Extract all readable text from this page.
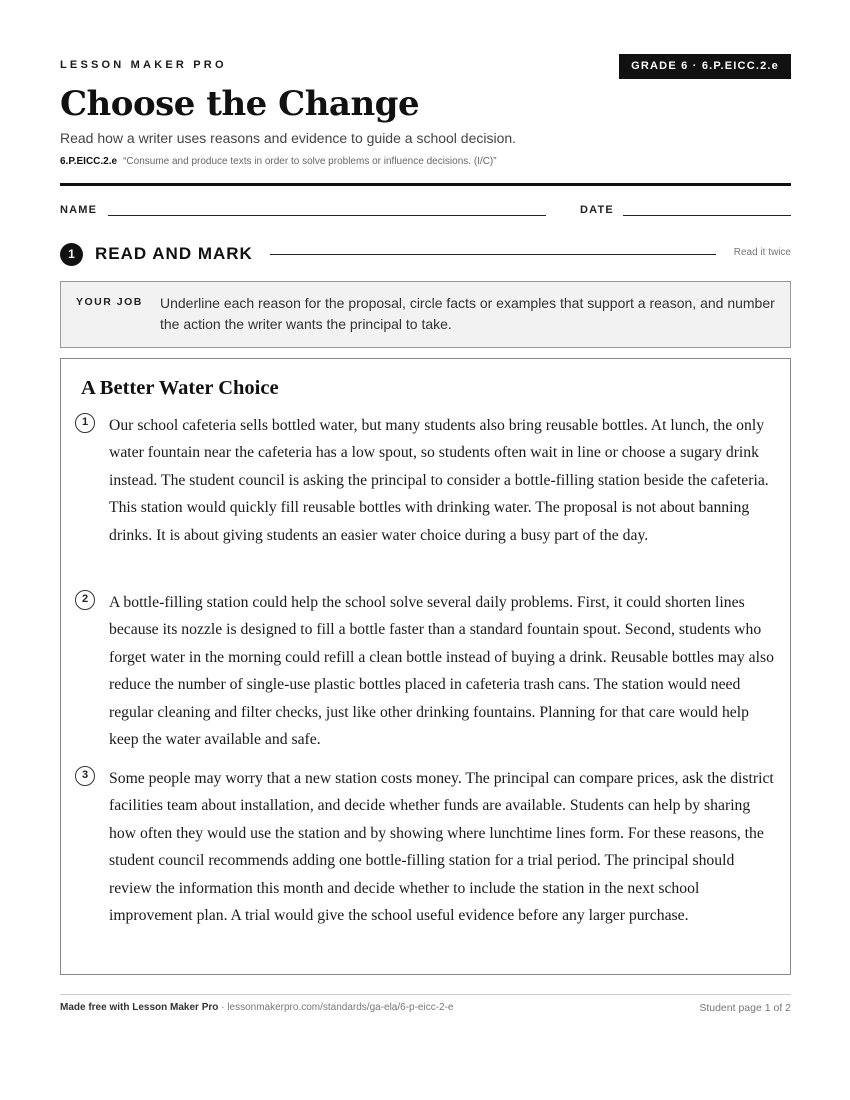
LESSON MAKER PRO	GRADE 6 · 6.P.EICC.2.e
Choose the Change
Read how a writer uses reasons and evidence to guide a school decision.
6.P.EICC.2.e “Consume and produce texts in order to solve problems or influence decisions. (I/C)”
NAME	DATE
1	READ AND MARK	Read it twice
YOUR JOB Underline each reason for the proposal, circle facts or examples that support a reason, and number the action the writer wants the principal to take.
A Better Water Choice
1	Our school cafeteria sells bottled water, but many students also bring reusable bottles. At lunch, the only water fountain near the cafeteria has a low spout, so students often wait in line or choose a sugary drink instead. The student council is asking the principal to consider a bottle-filling station beside the cafeteria. This station would quickly fill reusable bottles with drinking water. The proposal is not about banning drinks. It is about giving students an easier water choice during a busy part of the day.
2	A bottle-filling station could help the school solve several daily problems. First, it could shorten lines because its nozzle is designed to fill a bottle faster than a standard fountain spout. Second, students who forget water in the morning could refill a clean bottle instead of buying a drink. Reusable bottles may also reduce the number of single-use plastic bottles placed in cafeteria trash cans. The station would need regular cleaning and filter checks, just like other drinking fountains. Planning for that care would help keep the water available and safe.
3	Some people may worry that a new station costs money. The principal can compare prices, ask the district facilities team about installation, and decide whether funds are available. Students can help by sharing how often they would use the station and by showing where lunchtime lines form. For these reasons, the student council recommends adding one bottle-filling station for a trial period. The principal should review the information this month and decide whether to include the station in the next school improvement plan. A trial would give the school useful evidence before any larger purchase.
Made free with Lesson Maker Pro · lessonmakerpro.com/standards/ga-ela/6-p-eicc-2-e	Student page 1 of 2
